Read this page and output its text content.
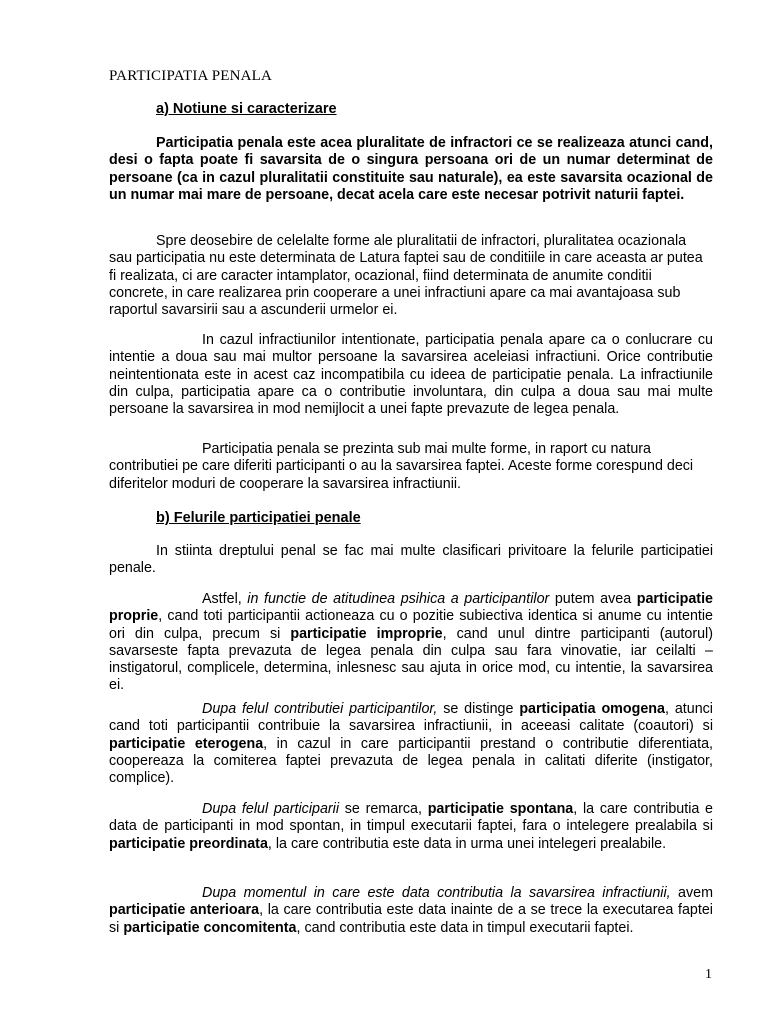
PARTICIPATIA PENALA
a) Notiune si caracterizare

Participatia penala este acea pluralitate de infractori ce se realizeaza atunci cand, desi o fapta poate fi savarsita de o singura persoana ori de un numar determinat de persoane (ca in cazul pluralitatii constituite sau naturale), ea este savarsita ocazional de un numar mai mare de persoane, decat acela care este necesar potrivit naturii faptei.

Spre deosebire de celelalte forme ale pluralitatii de infractori, pluralitatea ocazionala sau participatia nu este determinata de Latura faptei sau de conditiile in care aceasta ar putea fi realizata, ci are caracter intamplator, ocazional, fiind determinata de anumite conditii concrete, in care realizarea prin cooperare a unei infractiuni apare ca mai avantajoasa sub raportul savarsirii sau a ascunderii urmelor ei.

In cazul infractiunilor intentionate, participatia penala apare ca o conlucrare cu intentie a doua sau mai multor persoane la savarsirea aceleiasi infractiuni. Orice contributie neintentionata este in acest caz incompatibila cu ideea de participatie penala. La infractiunile din culpa, participatia apare ca o contributie involuntara, din culpa a doua sau mai multe persoane la savarsirea in mod nemijlocit a unei fapte prevazute de legea penala.

Participatia penala se prezinta sub mai multe forme, in raport cu natura contributiei pe care diferiti participanti o au la savarsirea faptei. Aceste forme corespund deci diferitelor moduri de cooperare la savarsirea infractiunii.

b) Felurile participatiei penale

In stiinta dreptului penal se fac mai multe clasificari privitoare la felurile participatiei penale.

Astfel, in functie de atitudinea psihica a participantilor putem avea participatie proprie, cand toti participantii actioneaza cu o pozitie subiectiva identica si anume cu intentie ori din culpa, precum si participatie improprie, cand unul dintre participanti (autorul) savarseste fapta prevazuta de legea penala din culpa sau fara vinovatie, iar ceilalti – instigatorul, complicele, determina, inlesnesc sau ajuta in orice mod, cu intentie, la savarsirea ei.

Dupa felul contributiei participantilor, se distinge participatia omogena, atunci cand toti participantii contribuie la savarsirea infractiunii, in aceeasi calitate (coautori) si participatie eterogena, in cazul in care participantii prestand o contributie diferentiata, coopereaza la comiterea faptei prevazuta de legea penala in calitati diferite (instigator, complice).

Dupa felul participarii se remarca, participatie spontana, la care contributia e data de participanti in mod spontan, in timpul executarii faptei, fara o intelegere prealabila si participatie preordinata, la care contributia este data in urma unei intelegeri prealabile.

Dupa momentul in care este data contributia la savarsirea infractiunii, avem participatie anterioara, la care contributia este data inainte de a se trece la executarea faptei si participatie concomitenta, cand contributia este data in timpul executarii faptei.

1
